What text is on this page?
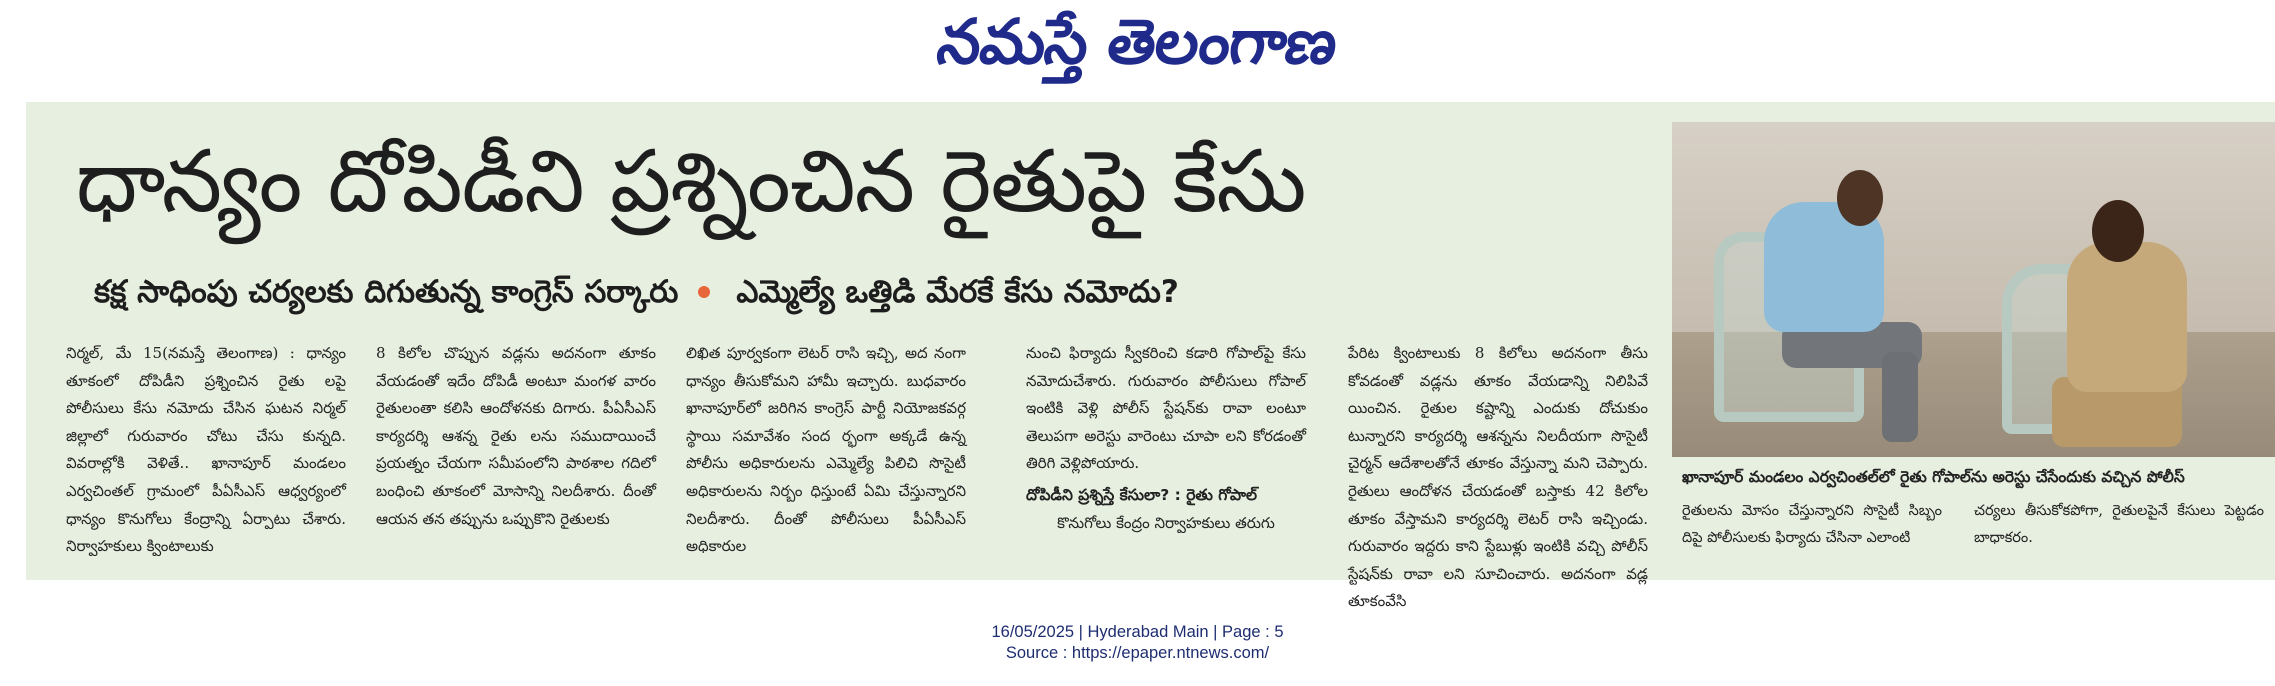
నమస్తే తెలంగాణ
ధాన్యం దోపిడీని ప్రశ్నించిన రైతుపై కేసు
కక్ష సాధింపు చర్యలకు దిగుతున్న కాంగ్రెస్ సర్కారు ఎమ్మెల్యే ఒత్తిడి మేరకే కేసు నమోదు?

నిర్మల్, మే 15(నమస్తే తెలంగాణ) : ధాన్యం తూకంలో దోపిడీని ప్రశ్నించిన రైతు లపై పోలీసులు కేసు నమోదు చేసిన ఘటన నిర్మల్ జిల్లాలో గురువారం చోటు చేసు కున్నది. వివరాల్లోకి వెళితే.. ఖానాపూర్ మండలం ఎర్వచింతల్ గ్రామంలో పీఏసీఎస్ ఆధ్వర్యంలో ధాన్యం కొనుగోలు కేంద్రాన్ని ఏర్పాటు చేశారు. నిర్వాహకులు క్వింటాలుకు

8 కిలోల చొప్పున వడ్లను అదనంగా తూకం వేయడంతో ఇదేం దోపిడీ అంటూ మంగళ వారం రైతులంతా కలిసి ఆందోళనకు దిగారు. పీఏసీఎస్ కార్యదర్శి ఆశన్న రైతు లను సముదాయించే ప్రయత్నం చేయగా సమీపంలోని పాఠశాల గదిలో బంధించి తూకంలో మోసాన్ని నిలదీశారు. దీంతో ఆయన తన తప్పును ఒప్పుకొని రైతులకు

లిఖిత పూర్వకంగా లెటర్ రాసి ఇచ్చి, అద నంగా ధాన్యం తీసుకోమని హామీ ఇచ్చారు. బుధవారం ఖానాపూర్‌లో జరిగిన కాంగ్రెస్ పార్టీ నియోజకవర్గ స్థాయి సమావేశం సంద ర్భంగా అక్కడే ఉన్న పోలీసు అధికారులను ఎమ్మెల్యే పిలిచి సొసైటీ అధికారులను నిర్బం ధిస్తుంటే ఏమి చేస్తున్నారని నిలదీశారు. దీంతో పోలీసులు పీఏసీఎస్ అధికారుల

నుంచి ఫిర్యాదు స్వీకరించి కడారి గోపాల్‌పై కేసు నమోదుచేశారు. గురువారం పోలీసులు గోపాల్ ఇంటికి వెళ్లి పోలీస్ స్టేషన్‌కు రావా లంటూ తెలుపగా అరెస్టు వారెంటు చూపా లని కోరడంతో తిరిగి వెళ్లిపోయారు.

దోపిడీని ప్రశ్నిస్తే కేసులా? : రైతు గోపాల్

కొనుగోలు కేంద్రం నిర్వాహకులు తరుగు

పేరిట క్వింటాలుకు 8 కిలోలు అదనంగా తీసు కోవడంతో వడ్లను తూకం వేయడాన్ని నిలిపివే యించిన. రైతుల కష్టాన్ని ఎందుకు దోచుకుం టున్నారని కార్యదర్శి ఆశన్నను నిలదీయగా సొసైటీ చైర్మన్ ఆదేశాలతోనే తూకం వేస్తున్నా మని చెప్పారు. రైతులు ఆందోళన చేయడంతో బస్తాకు 42 కిలోల తూకం వేస్తామని కార్యదర్శి లెటర్ రాసి ఇచ్చిండు. గురువారం ఇద్దరు కాని స్టేబుళ్లు ఇంటికి వచ్చి పోలీస్ స్టేషన్‌కు రావా లని సూచించారు. అదనంగా వడ్ల తూకంవేసి

ఖానాపూర్ మండలం ఎర్వచింతల్‌లో రైతు గోపాల్‌ను అరెస్టు చేసేందుకు వచ్చిన పోలీస్
రైతులను మోసం చేస్తున్నారని సొసైటీ సిబ్బం దిపై పోలీసులకు ఫిర్యాదు చేసినా ఎలాంటి
చర్యలు తీసుకోకపోగా, రైతులపైనే కేసులు పెట్టడం బాధాకరం.
16/05/2025 | Hyderabad Main | Page : 5
Source : https://epaper.ntnews.com/
